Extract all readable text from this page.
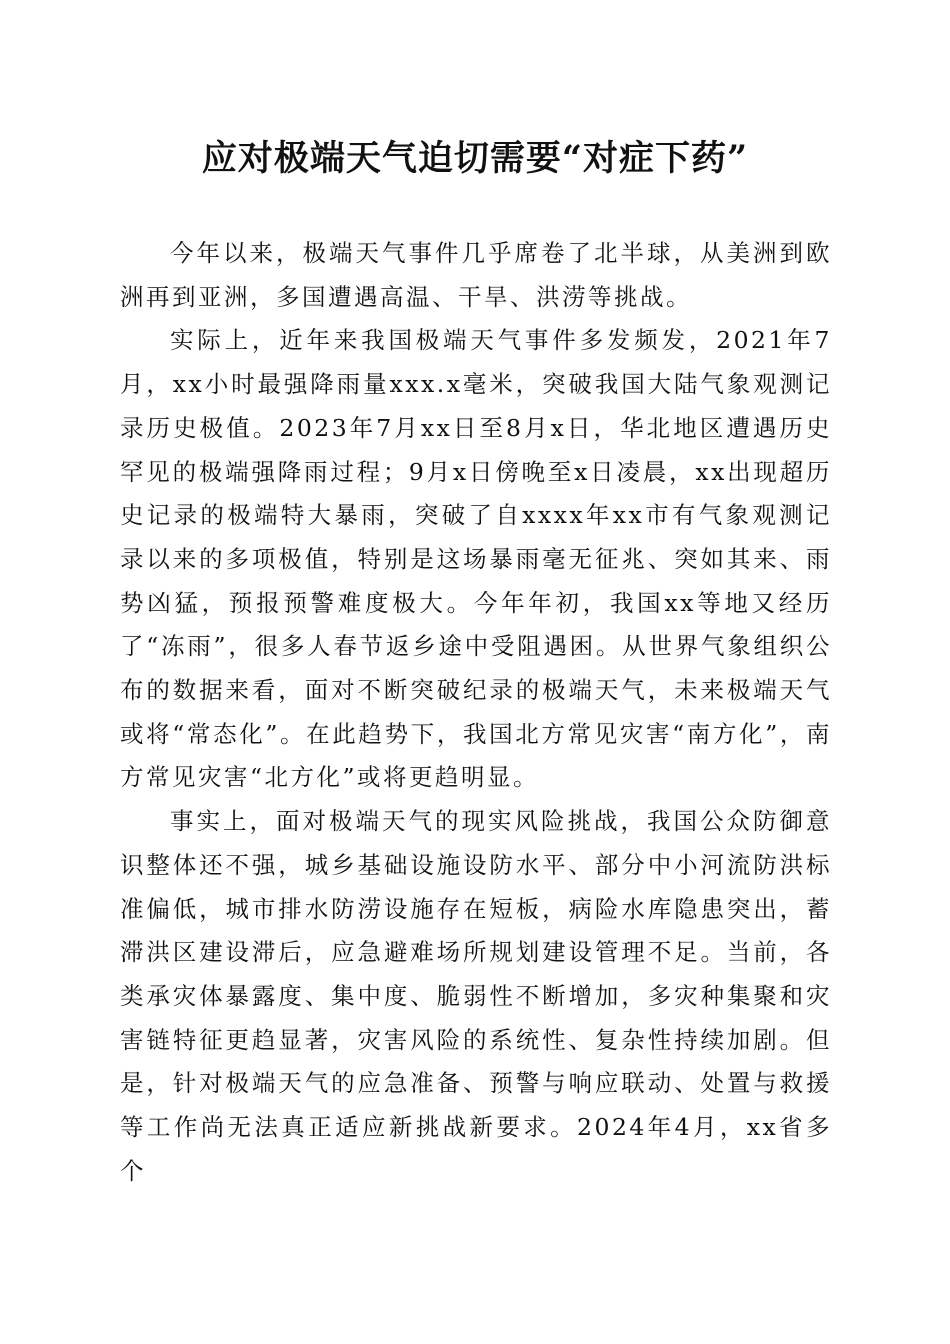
应对极端天气迫切需要“对症下药”

今年以来，极端天气事件几乎席卷了北半球，从美洲到欧洲再到亚洲，多国遭遇高温、干旱、洪涝等挑战。

实际上，近年来我国极端天气事件多发频发，2021年7月，xx小时最强降雨量xxx.x毫米，突破我国大陆气象观测记录历史极值。2023年7月xx日至8月x日，华北地区遭遇历史罕见的极端强降雨过程；9月x日傍晚至x日凌晨，xx出现超历史记录的极端特大暴雨，突破了自xxxx年xx市有气象观测记录以来的多项极值，特别是这场暴雨毫无征兆、突如其来、雨势凶猛，预报预警难度极大。今年年初，我国xx等地又经历了“冻雨”，很多人春节返乡途中受阻遇困。从世界气象组织公布的数据来看，面对不断突破纪录的极端天气，未来极端天气或将“常态化”。在此趋势下，我国北方常见灾害“南方化”，南方常见灾害“北方化”或将更趋明显。

事实上，面对极端天气的现实风险挑战，我国公众防御意识整体还不强，城乡基础设施设防水平、部分中小河流防洪标准偏低，城市排水防涝设施存在短板，病险水库隐患突出，蓄滞洪区建设滞后，应急避难场所规划建设管理不足。当前，各类承灾体暴露度、集中度、脆弱性不断增加，多灾种集聚和灾害链特征更趋显著，灾害风险的系统性、复杂性持续加剧。但是，针对极端天气的应急准备、预警与响应联动、处置与救援等工作尚无法真正适应新挑战新要求。2024年4月，xx省多个
